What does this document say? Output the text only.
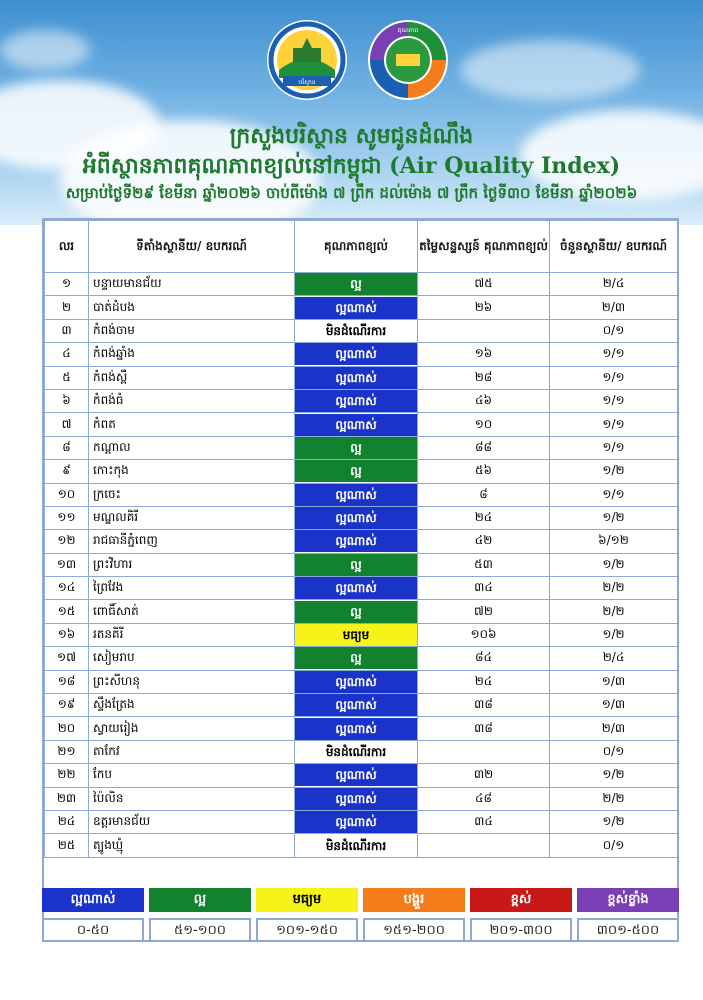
បរិស្ថាន
គុណភាព
ក្រសួងបរិស្ថាន សូមជូនដំណឹង
អំពីស្ថានភាពគុណភាពខ្យល់នៅកម្ពុជា (Air Quality Index)
សម្រាប់ថ្ងៃទី២៩ ខែមីនា ឆ្នាំ២០២៦ ចាប់ពីម៉ោង ៧ ព្រឹក ដល់ម៉ោង ៧ ព្រឹក ថ្ងៃទី៣០ ខែមីនា ឆ្នាំ២០២៦
លរ	ទីតាំងស្ថានីយ/ ឧបករណ៍	គុណភាពខ្យល់	តម្លៃសន្ទស្សន៍ គុណភាពខ្យល់	ចំនួនស្ថានីយ/ ឧបករណ៍
១	បន្ទាយមានជ័យ	ល្អ	៧៥	២/៤
២	បាត់ដំបង	ល្អណាស់	២៦	២/៣
៣	កំពង់ចាម	មិនដំណើរការ		០/១
៤	កំពង់ឆ្នាំង	ល្អណាស់	១៦	១/១
៥	កំពង់ស្ពឺ	ល្អណាស់	២៨	១/១
៦	កំពង់ធំ	ល្អណាស់	៤៦	១/១
៧	កំពត	ល្អណាស់	១០	១/១
៨	កណ្ដាល	ល្អ	៨៨	១/១
៩	កោះកុង	ល្អ	៥៦	១/២
១០	ក្រចេះ	ល្អណាស់	៨	១/១
១១	មណ្ឌលគិរី	ល្អណាស់	២៤	១/២
១២	រាជធានីភ្នំពេញ	ល្អណាស់	៤២	៦/១២
១៣	ព្រះវិហារ	ល្អ	៥៣	១/២
១៤	ព្រៃវែង	ល្អណាស់	៣៤	២/២
១៥	ពោធិ៍សាត់	ល្អ	៧២	២/២
១៦	រតនគិរី	មធ្យម	១០៦	១/២
១៧	សៀមរាប	ល្អ	៨៤	២/៤
១៨	ព្រះសីហនុ	ល្អណាស់	២៤	១/៣
១៩	ស្ទឹងត្រែង	ល្អណាស់	៣៨	១/៣
២០	ស្វាយរៀង	ល្អណាស់	៣៨	២/៣
២១	តាកែវ	មិនដំណើរការ		០/១
២២	កែប	ល្អណាស់	៣២	១/២
២៣	ប៉ៃលិន	ល្អណាស់	៤៨	២/២
២៤	ឧត្ដរមានជ័យ	ល្អណាស់	៣៤	១/២
២៥	ត្បូងឃ្មុំ	មិនដំណើរការ		០/១
ល្អណាស់	ល្អ	មធ្យម	បង្គួរ	ខ្ពស់	ខ្ពស់ខ្លាំង
០-៥០	៥១-១០០	១០១-១៥០	១៥១-២០០	២០១-៣០០	៣០១-៥០០
